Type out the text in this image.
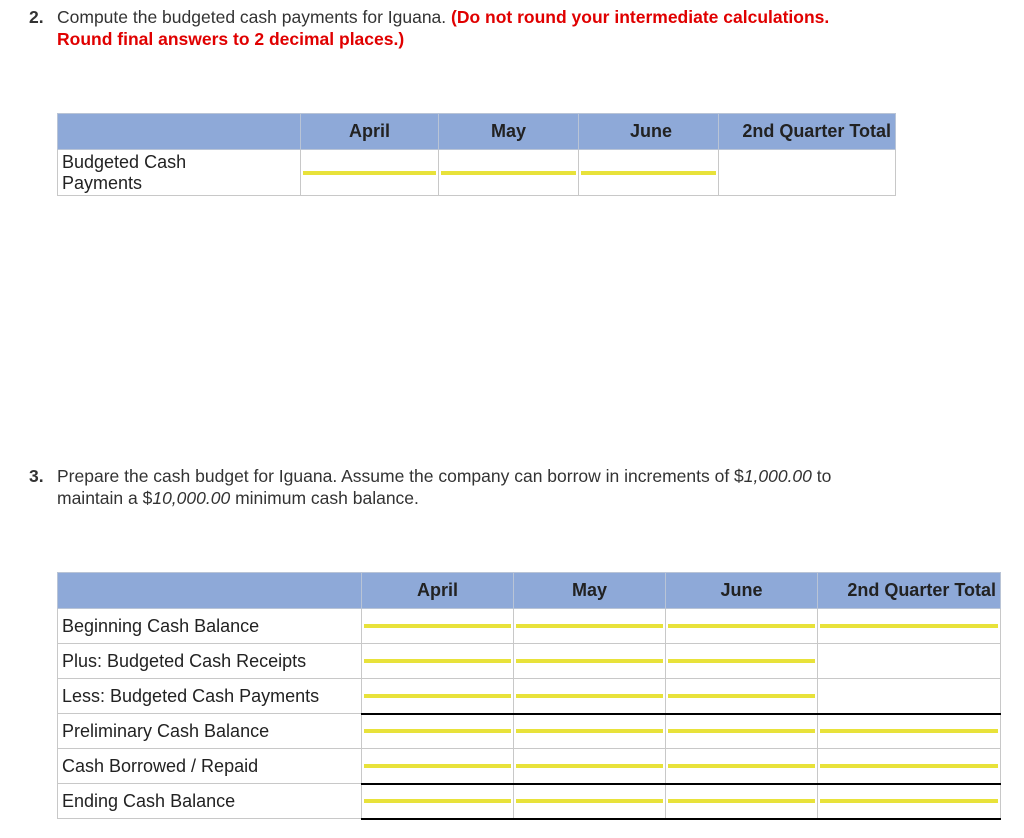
2. Compute the budgeted cash payments for Iguana. (Do not round your intermediate calculations.
Round final answers to 2 decimal places.)
	April	May	June	2nd Quarter Total
Budgeted Cash
Payments	

3. Prepare the cash budget for Iguana. Assume the company can borrow in increments of $1,000.00 to
maintain a $10,000.00 minimum cash balance.
	April	May	June	2nd Quarter Total
Beginning Cash Balance	

Plus: Budgeted Cash Receipts	

Less: Budgeted Cash Payments	

Preliminary Cash Balance	

Cash Borrowed / Repaid	

Ending Cash Balance	
